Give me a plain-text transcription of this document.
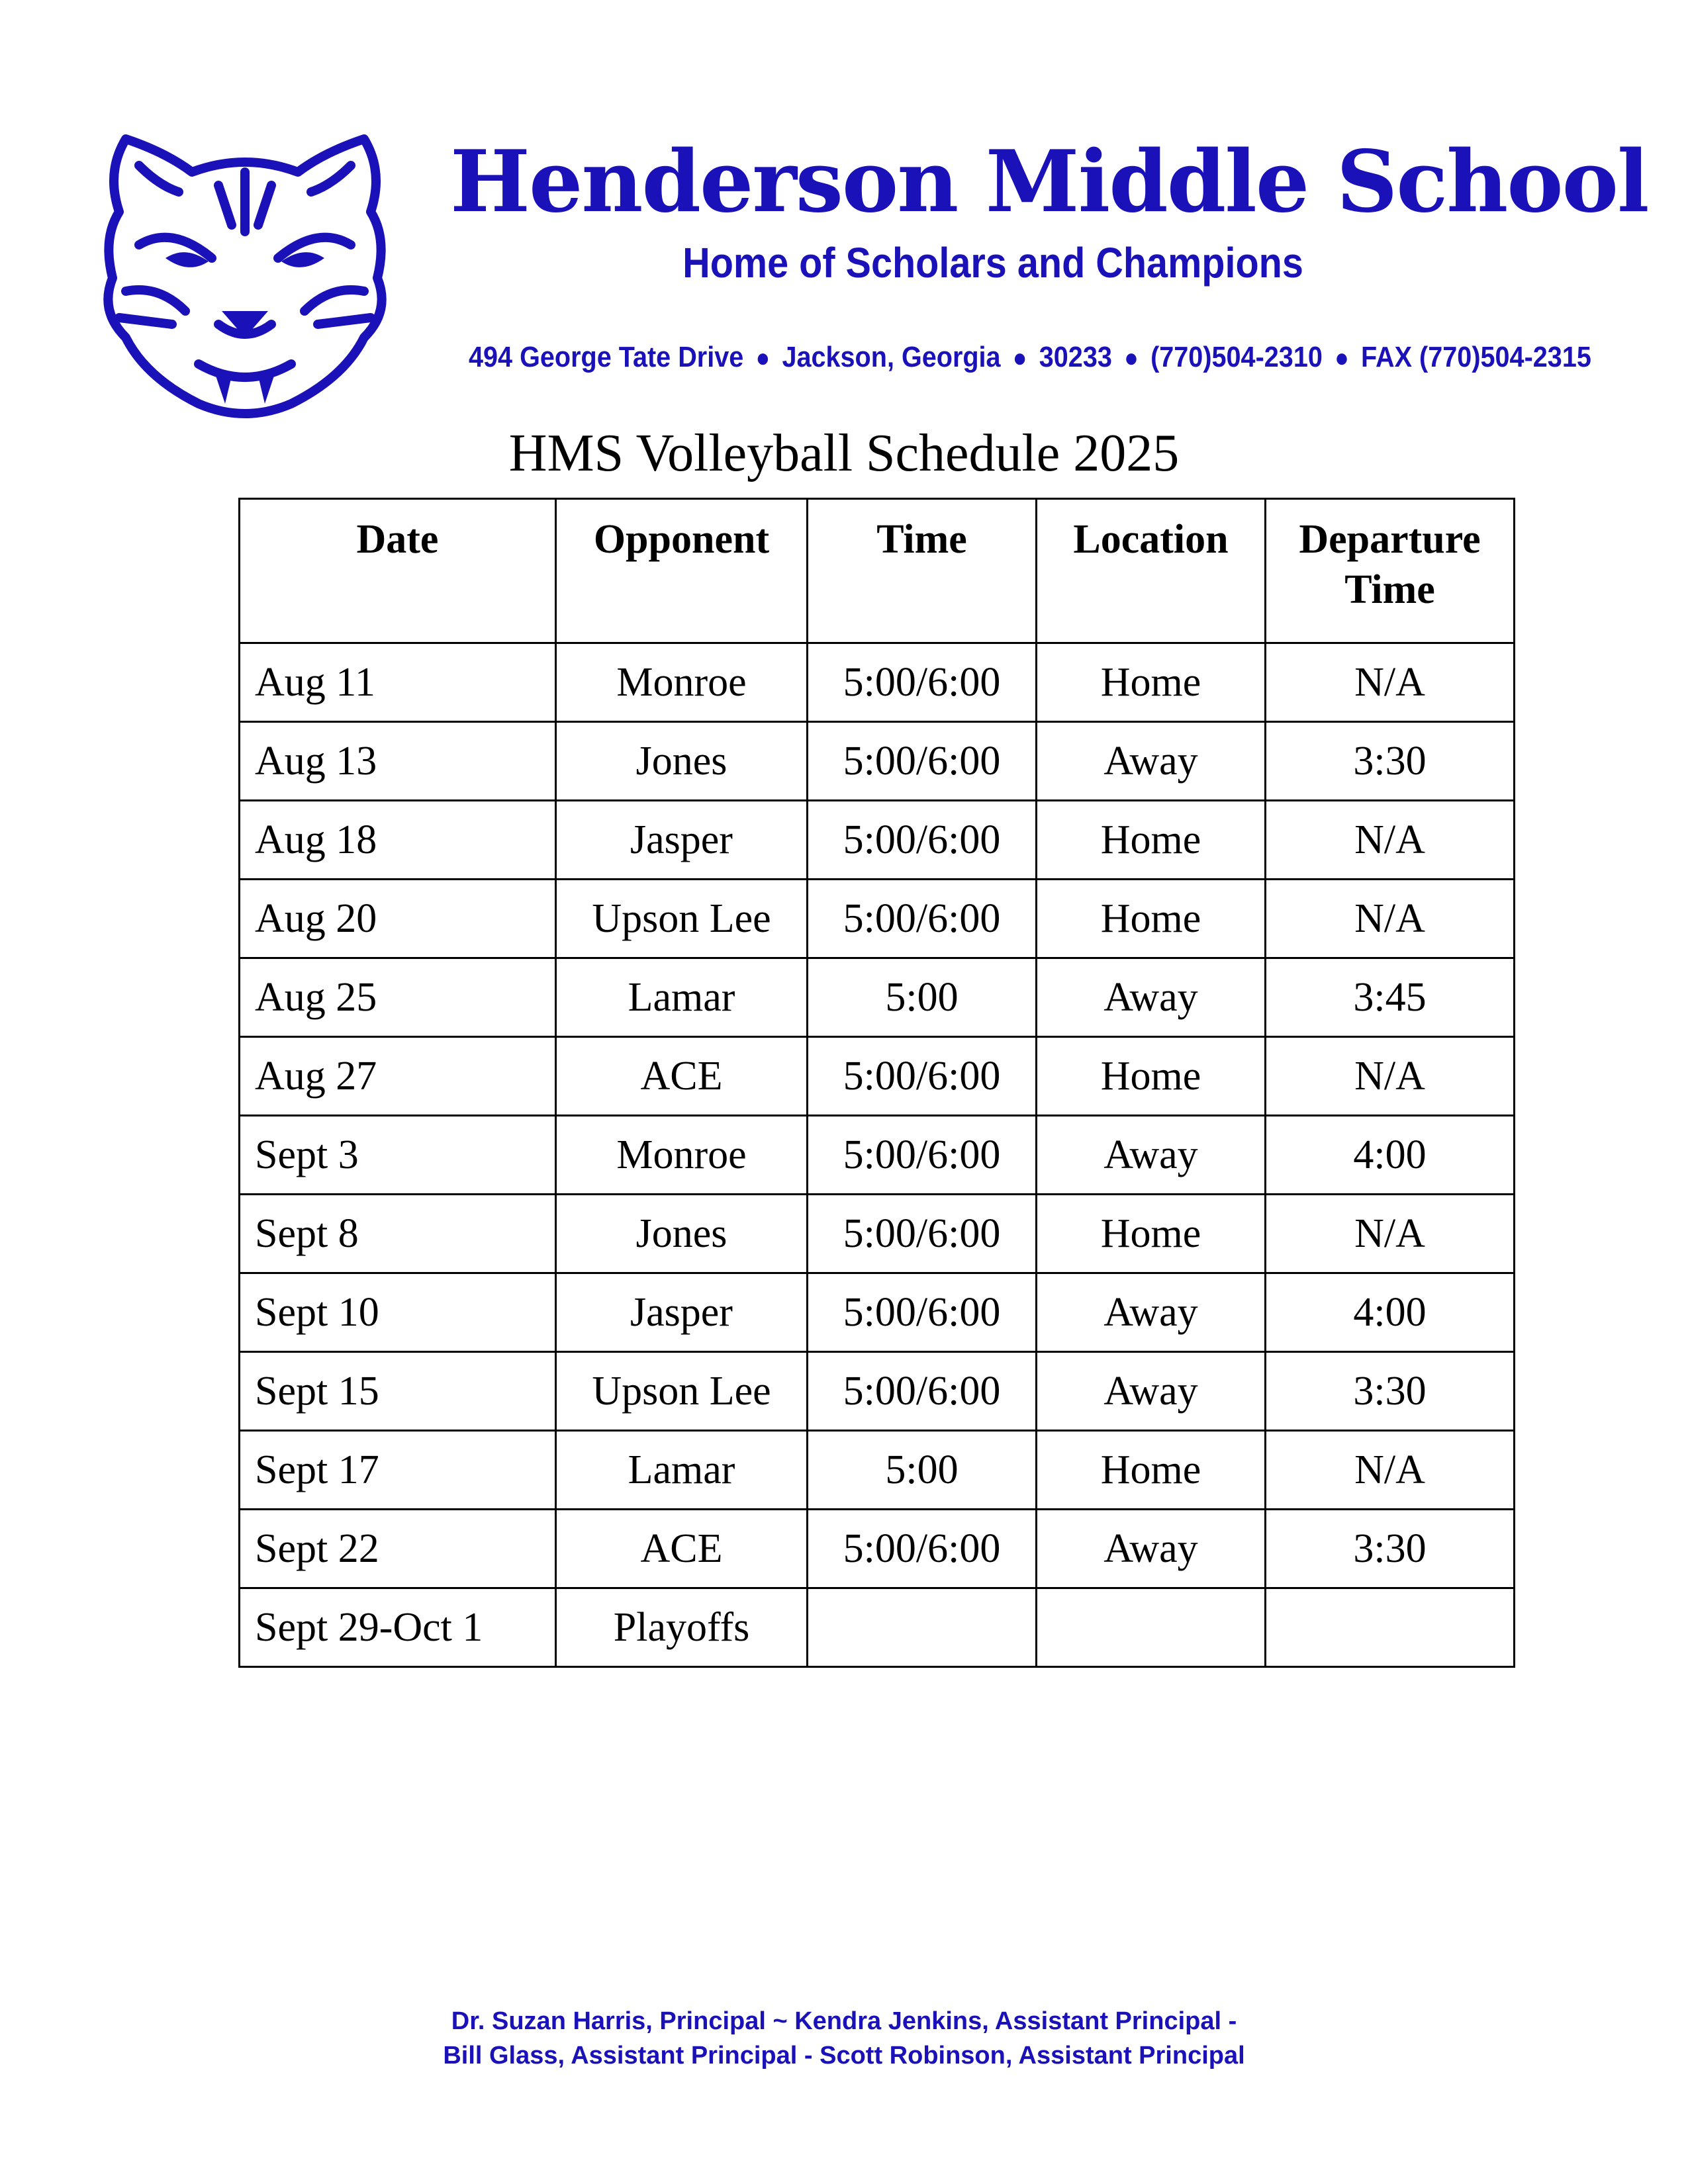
Henderson Middle School
Home of Scholars and Champions
494 George Tate Drive ● Jackson, Georgia ● 30233 ● (770)504-2310 ● FAX (770)504-2315
HMS Volleyball Schedule 2025
Date	Opponent	Time	Location	Departure Time
Aug 11	Monroe	5:00/6:00	Home	N/A
Aug 13	Jones	5:00/6:00	Away	3:30
Aug 18	Jasper	5:00/6:00	Home	N/A
Aug 20	Upson Lee	5:00/6:00	Home	N/A
Aug 25	Lamar	5:00	Away	3:45
Aug 27	ACE	5:00/6:00	Home	N/A
Sept 3	Monroe	5:00/6:00	Away	4:00
Sept 8	Jones	5:00/6:00	Home	N/A
Sept 10	Jasper	5:00/6:00	Away	4:00
Sept 15	Upson Lee	5:00/6:00	Away	3:30
Sept 17	Lamar	5:00	Home	N/A
Sept 22	ACE	5:00/6:00	Away	3:30
Sept 29-Oct 1	Playoffs			
Dr. Suzan Harris, Principal ~ Kendra Jenkins, Assistant Principal -
Bill Glass, Assistant Principal - Scott Robinson, Assistant Principal
